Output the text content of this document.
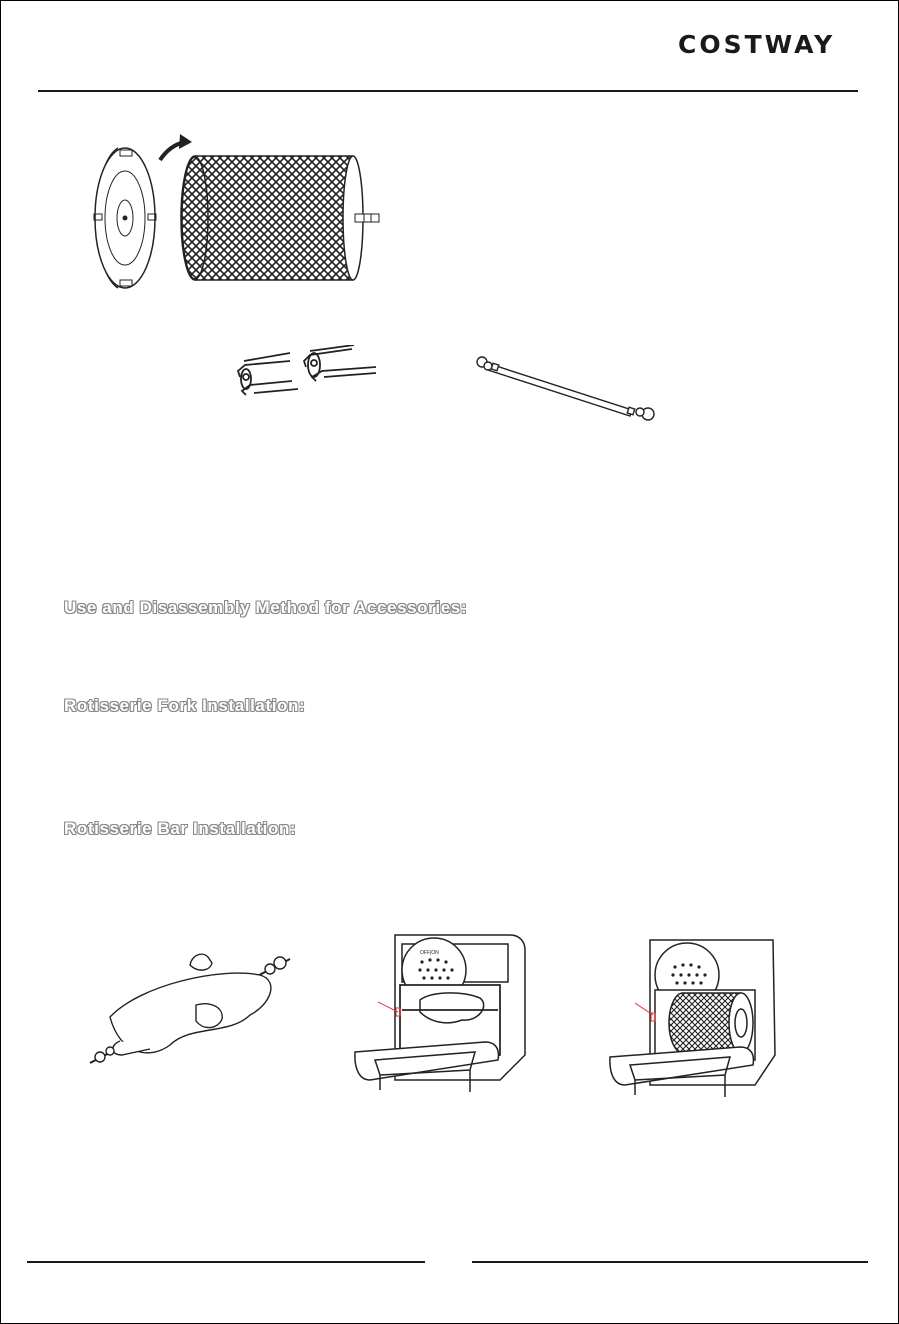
COSTWAY
Use and Disassembly Method for Accessories:
Rotisserie Fork Installation:
Rotisserie Bar Installation:
OFF|ON
